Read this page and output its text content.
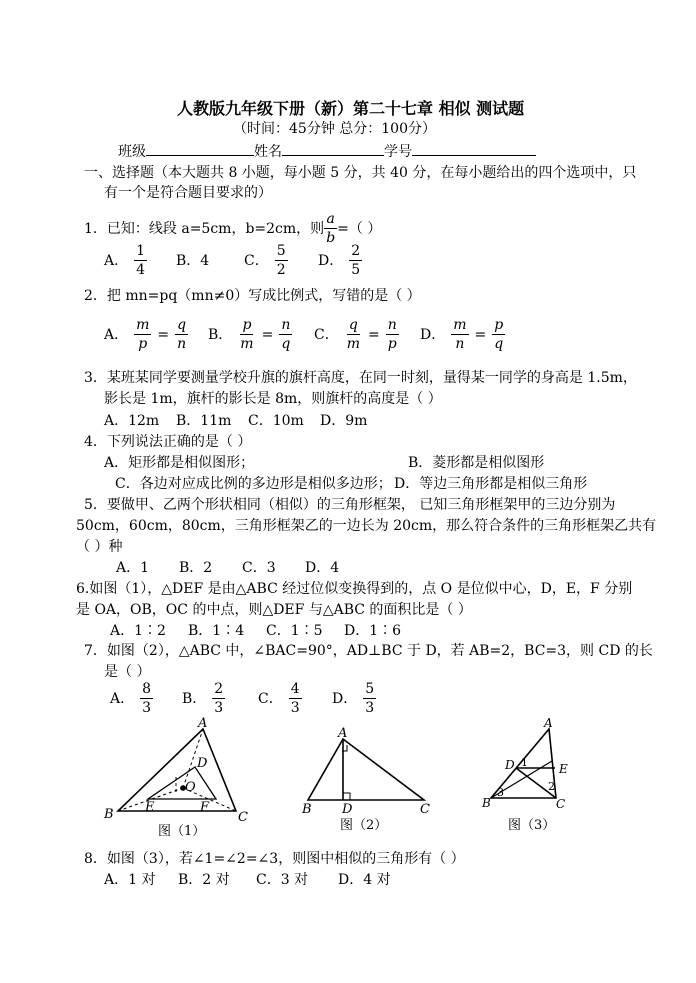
人教版九年级下册（新）第二十七章 相似 测试题
（时间：45分钟 总分：100分）
班级	姓名	学号
一、选择题（本大题共 8 小题，每小题 5 分，共 40 分，在每小题给出的四个选项中，只
有一个是符合题目要求的）
1．已知：线段 a=5cm，b=2cm，则 $\frac{a}{b}$ =（ ）
A． $\frac{1}{4}$ B．4 C． $\frac{5}{2}$ D． $\frac{2}{5}$
2．把 mn=pq（mn≠0）写成比例式，写错的是（ ）
A． $\frac{m}{p} = \frac{q}{n}$ B． $\frac{p}{m} = \frac{n}{q}$ C． $\frac{q}{m} = \frac{n}{p}$ D． $\frac{m}{n} = \frac{p}{q}$
3．某班某同学要测量学校升旗的旗杆高度，在同一时刻，量得某一同学的身高是 1.5m，
影长是 1m，旗杆的影长是 8m，则旗杆的高度是（ ）
A．12m	B．11m	C．10m	D．9m
4．下列说法正确的是（ ）
A．矩形都是相似图形；	B．菱形都是相似图形
C．各边对应成比例的多边形是相似多边形； D．等边三角形都是相似三角形
5．要做甲、乙两个形状相同（相似）的三角形框架， 已知三角形框架甲的三边分别为
50cm，60cm，80cm，三角形框架乙的一边长为 20cm，那么符合条件的三角形框架乙共有
（ ）种
A．1	B．2	C．3	D．4
6.如图（1），△DEF 是由△ABC 经过位似变换得到的，点 O 是位似中心，D，E，F 分别
是 OA，OB，OC 的中点，则△DEF 与△ABC 的面积比是（ ）
A．1∶2	B．1∶4	C．1∶5	D．1∶6
7．如图（2），△ABC 中，∠BAC=90°，AD⊥BC 于 D，若 AB=2，BC=3，则 CD 的长
是（ ）
A． $\frac{8}{3}$ B． $\frac{2}{3}$ C． $\frac{4}{3}$ D． $\frac{5}{3}$
A
B	C
D
E	F
O
图（1）
A
B	C
D
图（2）
A
B	C
D	E
1
2
3
图（3）
8．如图（3），若∠1=∠2=∠3，则图中相似的三角形有（ ）
A．1 对	B．2 对	C．3 对	D．4 对
